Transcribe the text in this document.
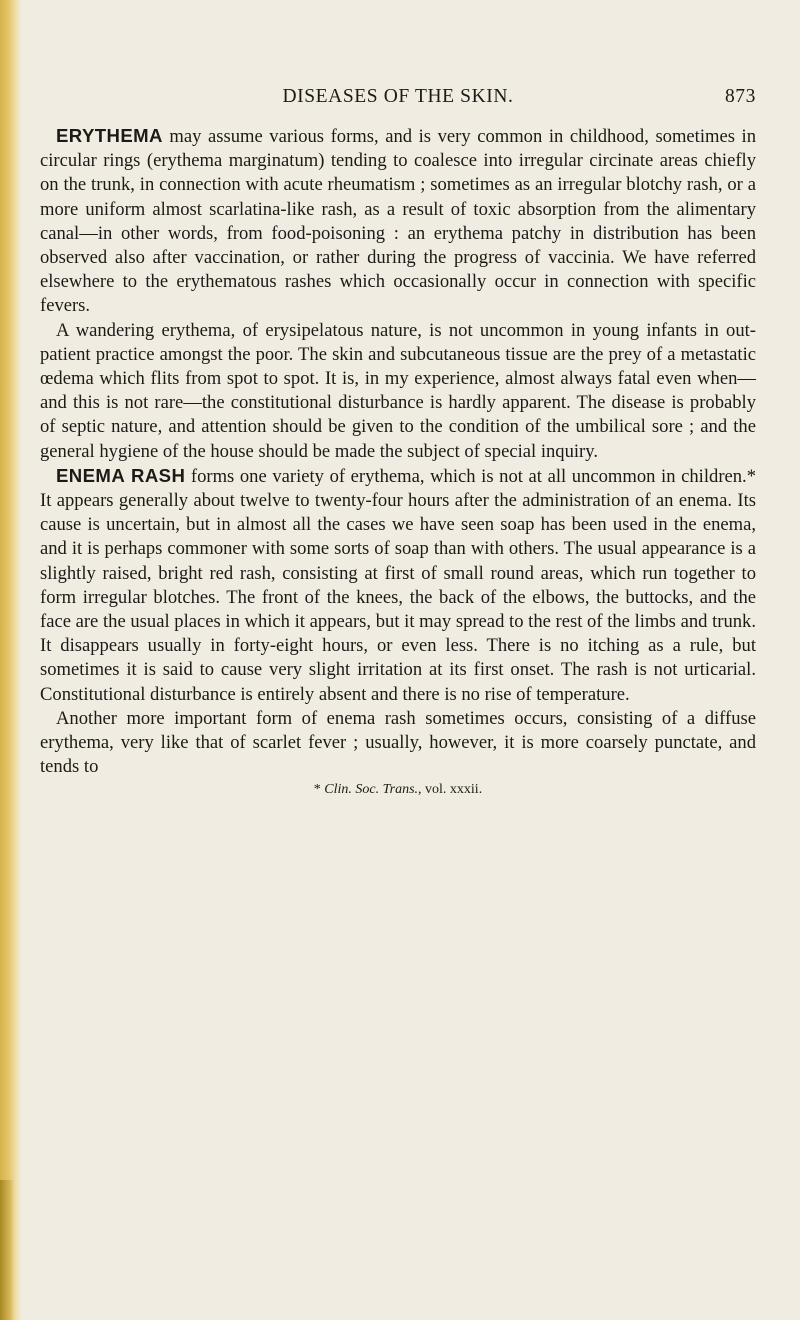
DISEASES OF THE SKIN.	873

ERYTHEMA may assume various forms, and is very common in childhood, sometimes in circular rings (erythema marginatum) tending to coalesce into irregular circinate areas chiefly on the trunk, in connection with acute rheumatism ; sometimes as an irregular blotchy rash, or a more uniform almost scarlatina-like rash, as a result of toxic absorption from the alimentary canal—in other words, from food-poisoning : an erythema patchy in distribution has been observed also after vaccination, or rather during the progress of vaccinia. We have referred elsewhere to the erythematous rashes which occasionally occur in connection with specific fevers.

A wandering erythema, of erysipelatous nature, is not uncommon in young infants in out-patient practice amongst the poor. The skin and subcutaneous tissue are the prey of a metastatic œdema which flits from spot to spot. It is, in my experience, almost always fatal even when—and this is not rare—the constitutional disturbance is hardly apparent. The disease is probably of septic nature, and attention should be given to the condition of the umbilical sore ; and the general hygiene of the house should be made the subject of special inquiry.

ENEMA RASH forms one variety of erythema, which is not at all uncommon in children.* It appears generally about twelve to twenty-four hours after the administration of an enema. Its cause is uncertain, but in almost all the cases we have seen soap has been used in the enema, and it is perhaps commoner with some sorts of soap than with others. The usual appearance is a slightly raised, bright red rash, consisting at first of small round areas, which run together to form irregular blotches. The front of the knees, the back of the elbows, the buttocks, and the face are the usual places in which it appears, but it may spread to the rest of the limbs and trunk. It disappears usually in forty-eight hours, or even less. There is no itching as a rule, but sometimes it is said to cause very slight irritation at its first onset. The rash is not urticarial. Constitutional disturbance is entirely absent and there is no rise of temperature.

Another more important form of enema rash sometimes occurs, consisting of a diffuse erythema, very like that of scarlet fever ; usually, however, it is more coarsely punctate, and tends to

* Clin. Soc. Trans., vol. xxxii.
